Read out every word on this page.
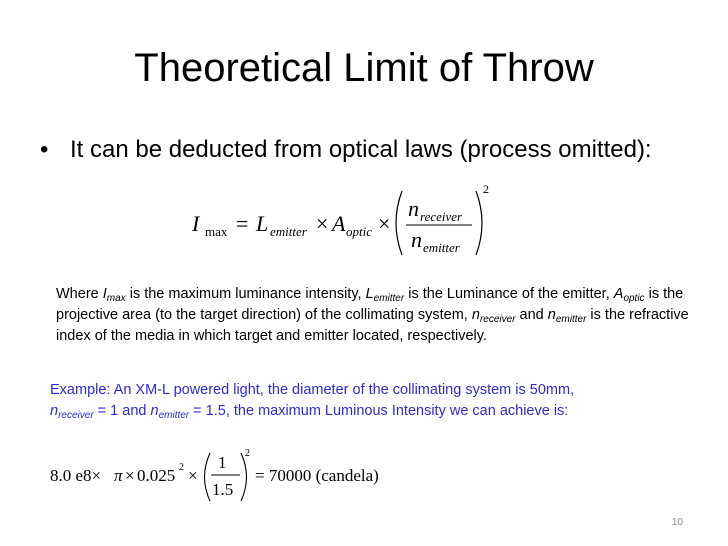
Theoretical Limit of Throw
• It can be deducted from optical laws (process omitted):
I max = L emitter × A optic ×
n receiver
n emitter
2
Where $I_{max}$ is the maximum luminance intensity, $L_{emitter}$ is the Luminance of the emitter, $A_{optic}$ is the projective area (to the target direction) of the collimating system, $n_{receiver}$ and $n_{emitter}$ is the refractive index of the media in which target and emitter located, respectively.
Example: An XM-L powered light, the diameter of the collimating system is 50mm,
$n_{receiver} = 1$ and $n_{emitter} = 1.5$, the maximum Luminous Intensity we can achieve is:
8.0 e8× π × 0.025 2 ×
1
1.5
2
= 70000 (candela)
10
